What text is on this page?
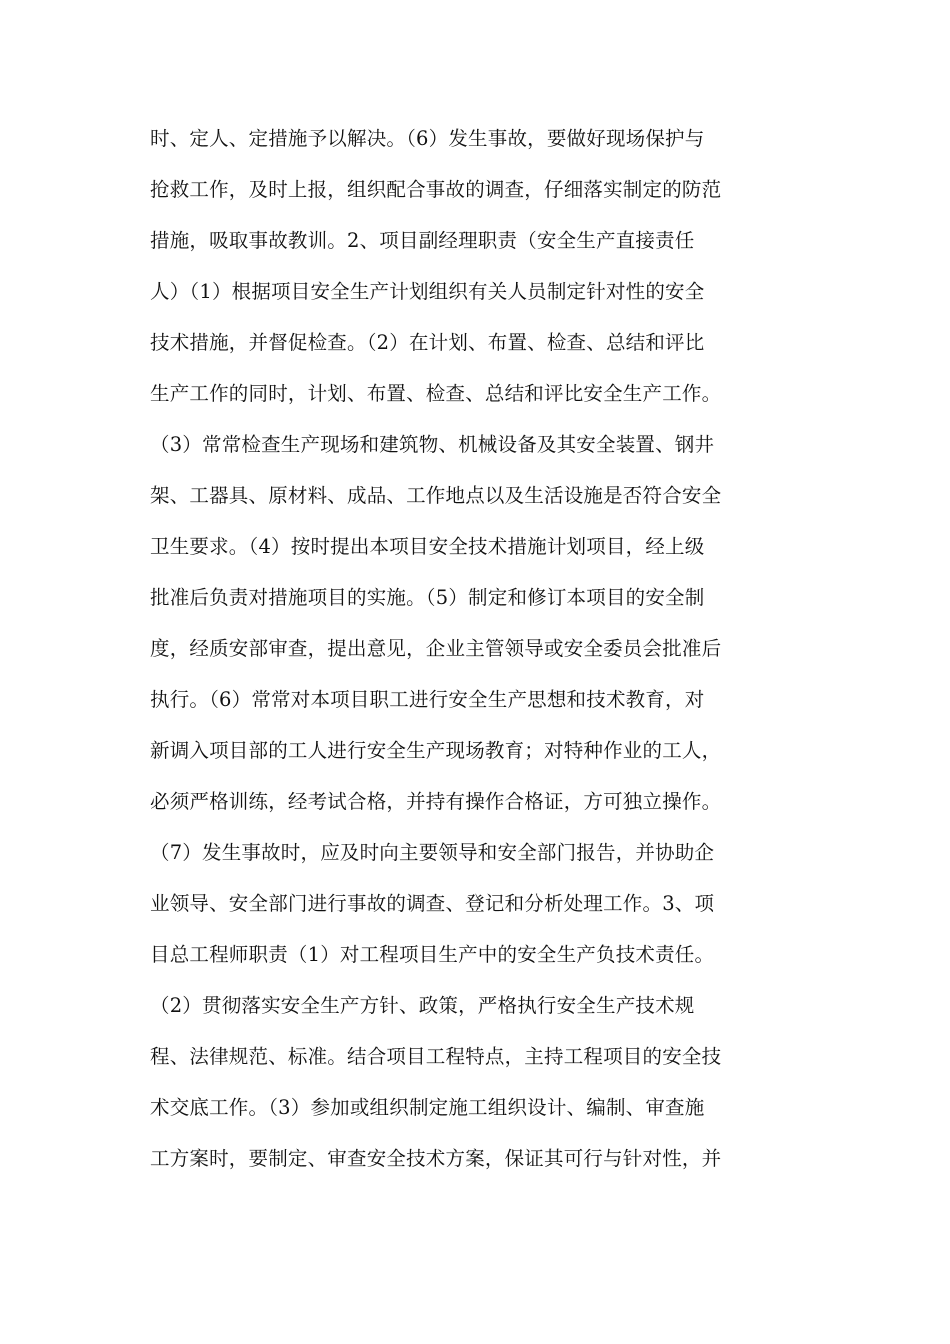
时、定人、定措施予以解决。（6）发生事故，要做好现场保护与
抢救工作，及时上报，组织配合事故的调查，仔细落实制定的防范
措施，吸取事故教训。2、项目副经理职责（安全生产直接责任
人）（1）根据项目安全生产计划组织有关人员制定针对性的安全
技术措施，并督促检查。（2）在计划、布置、检查、总结和评比
生产工作的同时，计划、布置、检查、总结和评比安全生产工作。
（3）常常检查生产现场和建筑物、机械设备及其安全装置、钢井
架、工器具、原材料、成品、工作地点以及生活设施是否符合安全
卫生要求。（4）按时提出本项目安全技术措施计划项目，经上级
批准后负责对措施项目的实施。（5）制定和修订本项目的安全制
度，经质安部审查，提出意见，企业主管领导或安全委员会批准后
执行。（6）常常对本项目职工进行安全生产思想和技术教育，对
新调入项目部的工人进行安全生产现场教育；对特种作业的工人，
必须严格训练，经考试合格，并持有操作合格证，方可独立操作。
（7）发生事故时，应及时向主要领导和安全部门报告，并协助企
业领导、安全部门进行事故的调查、登记和分析处理工作。3、项
目总工程师职责（1）对工程项目生产中的安全生产负技术责任。
（2）贯彻落实安全生产方针、政策，严格执行安全生产技术规
程、法律规范、标准。结合项目工程特点，主持工程项目的安全技
术交底工作。（3）参加或组织制定施工组织设计、编制、审查施
工方案时，要制定、审查安全技术方案，保证其可行与针对性，并
